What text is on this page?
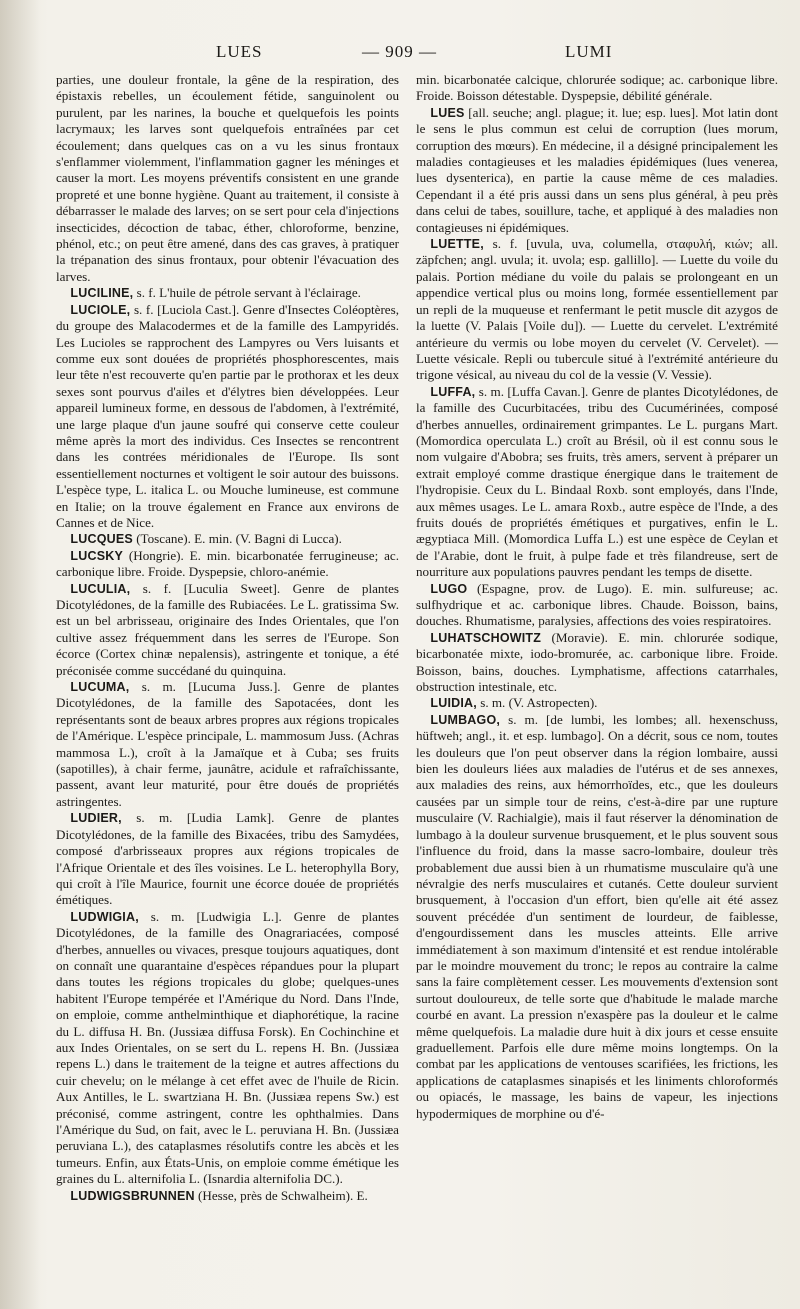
LUES	— 909 —	LUMI

parties, une douleur frontale, la gêne de la respiration, des épistaxis rebelles, un écoulement fétide, sanguinolent ou purulent, par les narines, la bouche et quelquefois les points lacrymaux; les larves sont quelquefois entraînées par cet écoulement; dans quelques cas on a vu les sinus frontaux s'enflammer violemment, l'inflammation gagner les méninges et causer la mort. Les moyens préventifs consistent en une grande propreté et une bonne hygiène. Quant au traitement, il consiste à débarrasser le malade des larves; on se sert pour cela d'injections insecticides, décoction de tabac, éther, chloroforme, benzine, phénol, etc.; on peut être amené, dans des cas graves, à pratiquer la trépanation des sinus frontaux, pour obtenir l'évacuation des larves.

LUCILINE, s. f. L'huile de pétrole servant à l'éclairage.

LUCIOLE, s. f. [Luciola Cast.]. Genre d'Insectes Coléoptères, du groupe des Malacodermes et de la famille des Lampyridés. Les Lucioles se rapprochent des Lampyres ou Vers luisants et comme eux sont douées de propriétés phosphorescentes, mais leur tête n'est recouverte qu'en partie par le prothorax et les deux sexes sont pourvus d'ailes et d'élytres bien développées. Leur appareil lumineux forme, en dessous de l'abdomen, à l'extrémité, une large plaque d'un jaune soufré qui conserve cette couleur même après la mort des individus. Ces Insectes se rencontrent dans les contrées méridionales de l'Europe. Ils sont essentiellement nocturnes et voltigent le soir autour des buissons. L'espèce type, L. italica L. ou Mouche lumineuse, est commune en Italie; on la trouve également en France aux environs de Cannes et de Nice.

LUCQUES (Toscane). E. min. (V. Bagni di Lucca).

LUCSKY (Hongrie). E. min. bicarbonatée ferrugineuse; ac. carbonique libre. Froide. Dyspepsie, chloro-anémie.

LUCULIA, s. f. [Luculia Sweet]. Genre de plantes Dicotylédones, de la famille des Rubiacées. Le L. gratissima Sw. est un bel arbrisseau, originaire des Indes Orientales, que l'on cultive assez fréquemment dans les serres de l'Europe. Son écorce (Cortex chinæ nepalensis), astringente et tonique, a été préconisée comme succédané du quinquina.

LUCUMA, s. m. [Lucuma Juss.]. Genre de plantes Dicotylédones, de la famille des Sapotacées, dont les représentants sont de beaux arbres propres aux régions tropicales de l'Amérique. L'espèce principale, L. mammosum Juss. (Achras mammosa L.), croît à la Jamaïque et à Cuba; ses fruits (sapotilles), à chair ferme, jaunâtre, acidule et rafraîchissante, passent, avant leur maturité, pour être doués de propriétés astringentes.

LUDIER, s. m. [Ludia Lamk]. Genre de plantes Dicotylédones, de la famille des Bixacées, tribu des Samydées, composé d'arbrisseaux propres aux régions tropicales de l'Afrique Orientale et des îles voisines. Le L. heterophylla Bory, qui croît à l'île Maurice, fournit une écorce douée de propriétés émétiques.

LUDWIGIA, s. m. [Ludwigia L.]. Genre de plantes Dicotylédones, de la famille des Onagrariacées, composé d'herbes, annuelles ou vivaces, presque toujours aquatiques, dont on connaît une quarantaine d'espèces répandues pour la plupart dans toutes les régions tropicales du globe; quelques-unes habitent l'Europe tempérée et l'Amérique du Nord. Dans l'Inde, on emploie, comme anthelminthique et diaphorétique, la racine du L. diffusa H. Bn. (Jussiæa diffusa Forsk). En Cochinchine et aux Indes Orientales, on se sert du L. repens H. Bn. (Jussiæa repens L.) dans le traitement de la teigne et autres affections du cuir chevelu; on le mélange à cet effet avec de l'huile de Ricin. Aux Antilles, le L. swartziana H. Bn. (Jussiæa repens Sw.) est préconisé, comme astringent, contre les ophthalmies. Dans l'Amérique du Sud, on fait, avec le L. peruviana H. Bn. (Jussiæa peruviana L.), des cataplasmes résolutifs contre les abcès et les tumeurs. Enfin, aux États-Unis, on emploie comme émétique les graines du L. alternifolia L. (Isnardia alternifolia DC.).

LUDWIGSBRUNNEN (Hesse, près de Schwalheim). E.

min. bicarbonatée calcique, chlorurée sodique; ac. carbonique libre. Froide. Boisson détestable. Dyspepsie, débilité générale.

LUES [all. seuche; angl. plague; it. lue; esp. lues]. Mot latin dont le sens le plus commun est celui de corruption (lues morum, corruption des mœurs). En médecine, il a désigné principalement les maladies contagieuses et les maladies épidémiques (lues venerea, lues dysenterica), en partie la cause même de ces maladies. Cependant il a été pris aussi dans un sens plus général, à peu près dans celui de tabes, souillure, tache, et appliqué à des maladies non contagieuses ni épidémiques.

LUETTE, s. f. [uvula, uva, columella, σταφυλή, κιών; all. zäpfchen; angl. uvula; it. uvola; esp. gallillo]. — Luette du voile du palais. Portion médiane du voile du palais se prolongeant en un appendice vertical plus ou moins long, formée essentiellement par un repli de la muqueuse et renfermant le petit muscle dit azygos de la luette (V. Palais [Voile du]). — Luette du cervelet. L'extrémité antérieure du vermis ou lobe moyen du cervelet (V. Cervelet). — Luette vésicale. Repli ou tubercule situé à l'extrémité antérieure du trigone vésical, au niveau du col de la vessie (V. Vessie).

LUFFA, s. m. [Luffa Cavan.]. Genre de plantes Dicotylédones, de la famille des Cucurbitacées, tribu des Cucumérinées, composé d'herbes annuelles, ordinairement grimpantes. Le L. purgans Mart. (Momordica operculata L.) croît au Brésil, où il est connu sous le nom vulgaire d'Abobra; ses fruits, très amers, servent à préparer un extrait employé comme drastique énergique dans le traitement de l'hydropisie. Ceux du L. Bindaal Roxb. sont employés, dans l'Inde, aux mêmes usages. Le L. amara Roxb., autre espèce de l'Inde, a des fruits doués de propriétés émétiques et purgatives, enfin le L. ægyptiaca Mill. (Momordica Luffa L.) est une espèce de Ceylan et de l'Arabie, dont le fruit, à pulpe fade et très filandreuse, sert de nourriture aux populations pauvres pendant les temps de disette.

LUGO (Espagne, prov. de Lugo). E. min. sulfureuse; ac. sulfhydrique et ac. carbonique libres. Chaude. Boisson, bains, douches. Rhumatisme, paralysies, affections des voies respiratoires.

LUHATSCHOWITZ (Moravie). E. min. chlorurée sodique, bicarbonatée mixte, iodo-bromurée, ac. carbonique libre. Froide. Boisson, bains, douches. Lymphatisme, affections catarrhales, obstruction intestinale, etc.

LUIDIA, s. m. (V. Astropecten).

LUMBAGO, s. m. [de lumbi, les lombes; all. hexenschuss, hüftweh; angl., it. et esp. lumbago]. On a décrit, sous ce nom, toutes les douleurs que l'on peut observer dans la région lombaire, aussi bien les douleurs liées aux maladies de l'utérus et de ses annexes, aux maladies des reins, aux hémorrhoïdes, etc., que les douleurs causées par un simple tour de reins, c'est-à-dire par une rupture musculaire (V. Rachialgie), mais il faut réserver la dénomination de lumbago à la douleur survenue brusquement, et le plus souvent sous l'influence du froid, dans la masse sacro-lombaire, douleur très probablement due aussi bien à un rhumatisme musculaire qu'à une névralgie des nerfs musculaires et cutanés. Cette douleur survient brusquement, à l'occasion d'un effort, bien qu'elle ait été assez souvent précédée d'un sentiment de lourdeur, de faiblesse, d'engourdissement dans les muscles atteints. Elle arrive immédiatement à son maximum d'intensité et est rendue intolérable par le moindre mouvement du tronc; le repos au contraire la calme sans la faire complètement cesser. Les mouvements d'extension sont surtout douloureux, de telle sorte que d'habitude le malade marche courbé en avant. La pression n'exaspère pas la douleur et le calme même quelquefois. La maladie dure huit à dix jours et cesse ensuite graduellement. Parfois elle dure même moins longtemps. On la combat par les applications de ventouses scarifiées, les frictions, les applications de cataplasmes sinapisés et les liniments chloroformés ou opiacés, le massage, les bains de vapeur, les injections hypodermiques de morphine ou d'é-
